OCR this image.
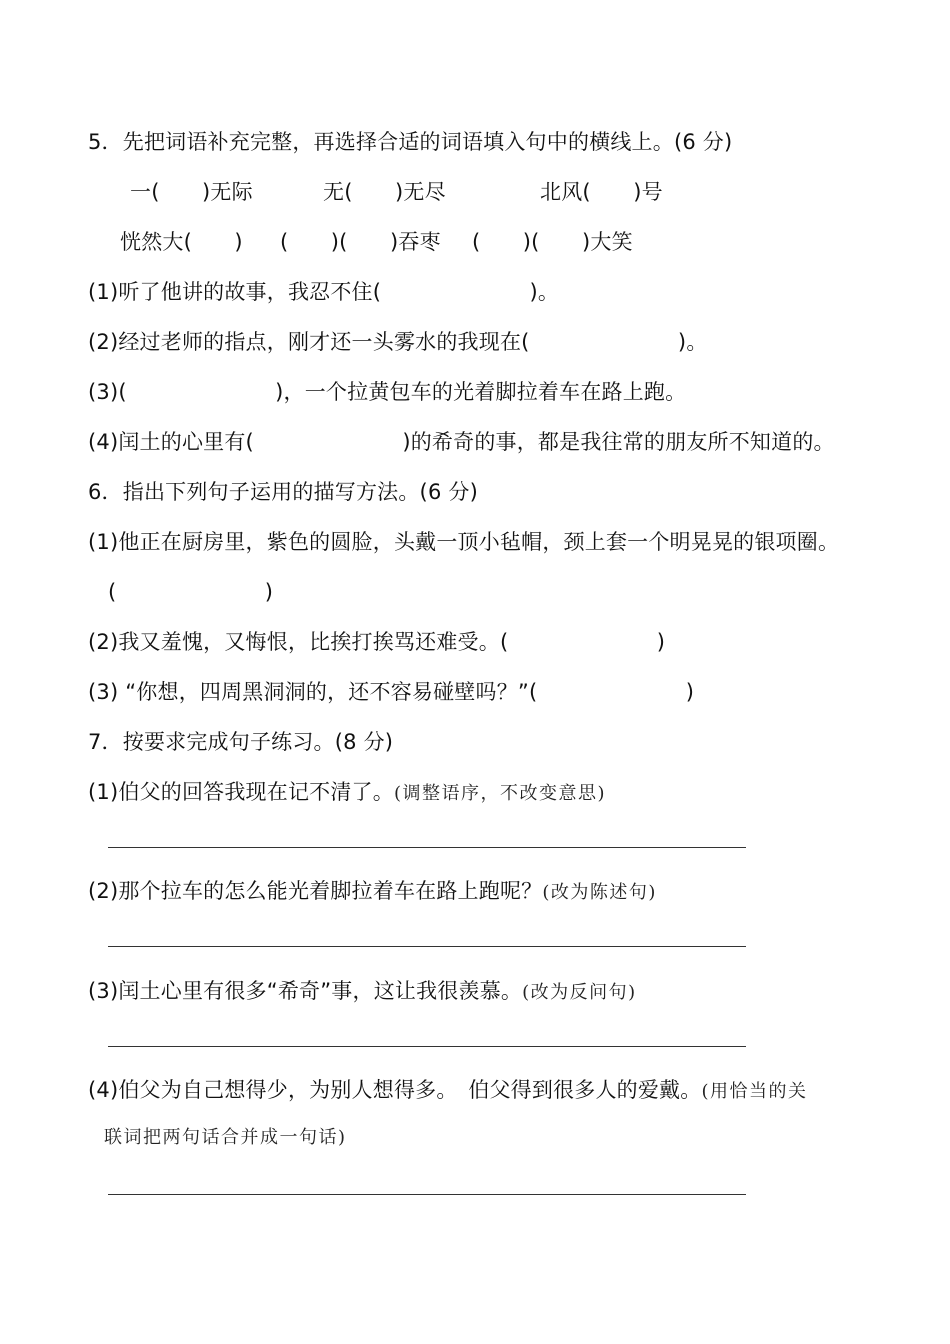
5．先把词语补充完整，再选择合适的词语填入句中的横线上。(6 分)
一(　　)无际	无(　　)无尽	北风(　　)号
恍然大(　　) (　　)(　　)吞枣 (　　)(　　)大笑
(1)听了他讲的故事，我忍不住(　　　　　　　)。
(2)经过老师的指点，刚才还一头雾水的我现在(　　　　　　　)。
(3)(　　　　　　　)，一个拉黄包车的光着脚拉着车在路上跑。
(4)闰土的心里有(　　　　　　　)的希奇的事，都是我往常的朋友所不知道的。
6．指出下列句子运用的描写方法。(6 分)
(1)他正在厨房里，紫色的圆脸，头戴一顶小毡帽，颈上套一个明晃晃的银项圈。
(　　　　　　　)
(2)我又羞愧，又悔恨，比挨打挨骂还难受。(　　　　　　　)
(3) “你想，四周黑洞洞的，还不容易碰壁吗？”(　　　　　　　)
7．按要求完成句子练习。(8 分)
(1)伯父的回答我现在记不清了。(调整语序，不改变意思)
(2)那个拉车的怎么能光着脚拉着车在路上跑呢？(改为陈述句)
(3)闰土心里有很多“希奇”事，这让我很羡慕。(改为反问句)
(4)伯父为自己想得少，为别人想得多。　伯父得到很多人的爱戴。(用恰当的关
联词把两句话合并成一句话)
